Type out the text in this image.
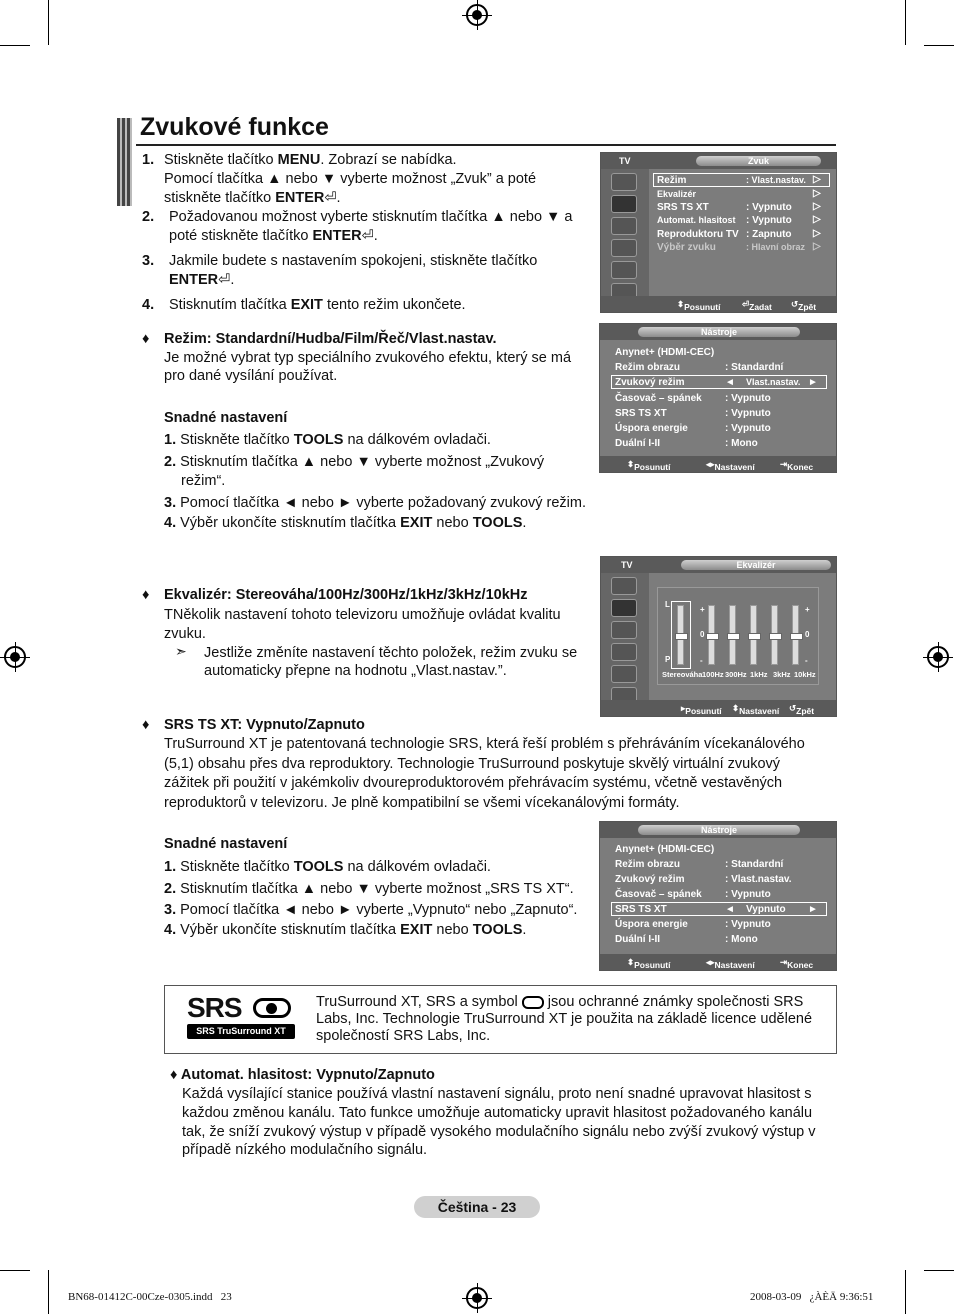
Zvukové funkce
1. Stiskněte tlačítko MENU. Zobrazí se nabídka.
Pomocí tlačítka ▲ nebo ▼ vyberte možnost „Zvuk” a poté
stiskněte tlačítko ENTER⏎.
2. Požadovanou možnost vyberte stisknutím tlačítka ▲ nebo ▼ a
poté stiskněte tlačítko ENTER⏎.
3. Jakmile budete s nastavením spokojeni, stiskněte tlačítko
ENTER⏎.
4. Stisknutím tlačítka EXIT tento režim ukončete.
TV	Zvuk
Režim	: Vlast.nastav.
Ekvalizér
SRS TS XT	: Vypnuto
Automat. hlasitost : Vypnuto
Reproduktoru TV : Zapnuto
Výběr zvuku	: Hlavní obraz
▷
▷
▷
▷
▷
▷
⬍ Posunutí	⏎ Zadat ↺ Zpět
Nástroje
Anynet+ (HDMI-CEC)
Režim obrazu	: Standardní
Zvukový režim	◄ Vlast.nastav. ►
Časovač – spánek : Vypnuto
SRS TS XT	: Vypnuto
Úspora energie	: Vypnuto
Duální I-II	: Mono
⬍ Posunutí	◂▸ Nastavení	⇥ Konec
♦ Režim: Standardní/Hudba/Film/Řeč/Vlast.nastav.
Je možné vybrat typ speciálního zvukového efektu, který se má
pro dané vysílání používat.
Snadné nastavení
1. Stiskněte tlačítko TOOLS na dálkovém ovladači.
2. Stisknutím tlačítka ▲ nebo ▼ vyberte možnost „Zvukový
režim“.
3. Pomocí tlačítka ◄ nebo ► vyberte požadovaný zvukový režim.
4. Výběr ukončíte stisknutím tlačítka EXIT nebo TOOLS.
TV	Ekvalizér
L
P
+
0
-
+
0
-
Stereováha 100Hz 300Hz 1kHz 3kHz 10kHz
▸ Posunutí ⬍ Nastavení ↺ Zpět
♦ Ekvalizér: Stereováha/100Hz/300Hz/1kHz/3kHz/10kHz
TNěkolik nastavení tohoto televizoru umožňuje ovládat kvalitu
zvuku.
➣ Jestliže změníte nastavení těchto položek, režim zvuku se
automaticky přepne na hodnotu „Vlast.nastav.”.
♦ SRS TS XT: Vypnuto/Zapnuto
TruSurround XT je patentovaná technologie SRS, která řeší problém s přehráváním vícekanálového
(5,1) obsahu přes dva reproduktory. Technologie TruSurround poskytuje skvělý virtuální zvukový
zážitek při použití v jakémkoliv dvoureproduktorovém přehrávacím systému, včetně vestavěných
reproduktorů v televizoru. Je plně kompatibilní se všemi vícekanálovými formáty.
Snadné nastavení
1. Stiskněte tlačítko TOOLS na dálkovém ovladači.
2. Stisknutím tlačítka ▲ nebo ▼ vyberte možnost „SRS TS XT“.
3. Pomocí tlačítka ◄ nebo ► vyberte „Vypnuto“ nebo „Zapnuto“.
4. Výběr ukončíte stisknutím tlačítka EXIT nebo TOOLS.
Nástroje
Anynet+ (HDMI-CEC)
Režim obrazu	: Standardní
Zvukový režim	: Vlast.nastav.
Časovač – spánek : Vypnuto
SRS TS XT	◄ Vypnuto ►
Úspora energie	: Vypnuto
Duální I-II	: Mono
⬍ Posunutí	◂▸ Nastavení	⇥ Konec
SRS
SRS TruSurround XT
TruSurround XT, SRS a symbol  jsou ochranné známky společnosti SRS
Labs, Inc. Technologie TruSurround XT je použita na základě licence udělené
společností SRS Labs, Inc.
♦ Automat. hlasitost: Vypnuto/Zapnuto
Každá vysílající stanice používá vlastní nastavení signálu, proto není snadné upravovat hlasitost s
každou změnou kanálu. Tato funkce umožňuje automaticky upravit hlasitost požadovaného kanálu
tak, že sníží zvukový výstup v případě vysokého modulačního signálu nebo zvýší zvukový výstup v
případě nízkého modulačního signálu.
Čeština - 23
BN68-01412C-00Cze-0305.indd   23	2008-03-09   ¿ÀÈÄ 9:36:51
